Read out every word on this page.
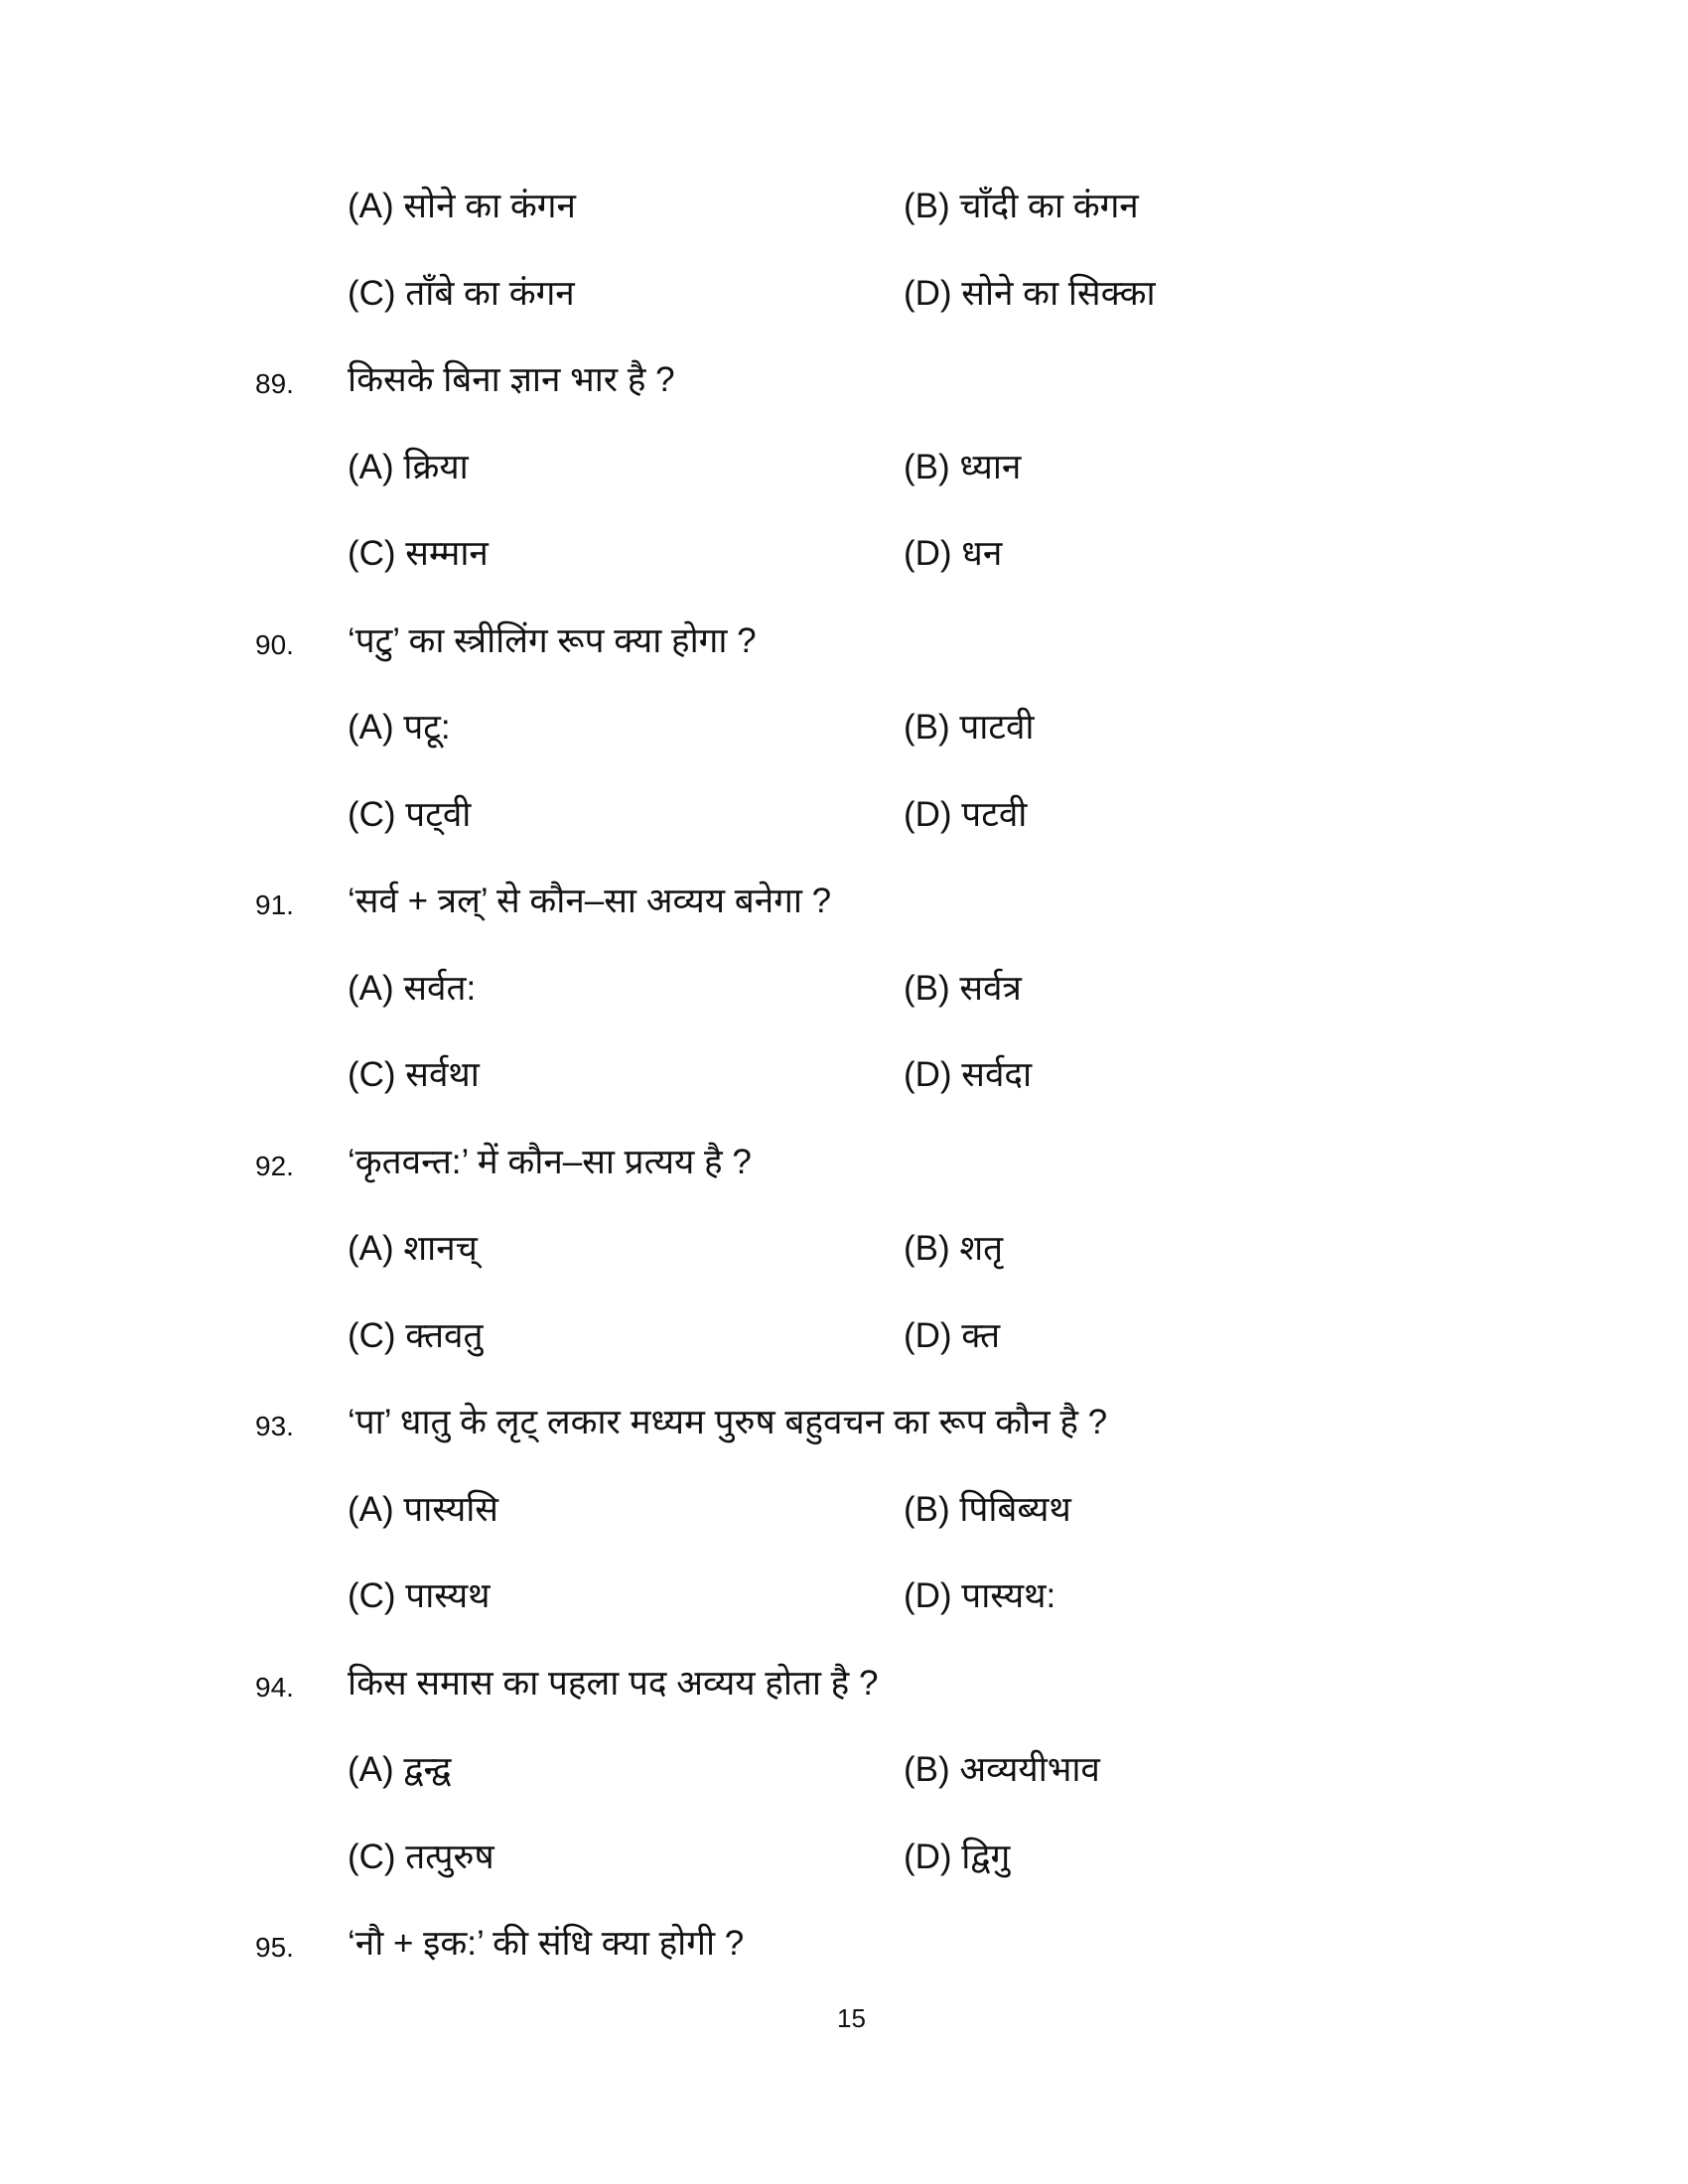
(A) सोने का कंगन	(B) चाँदी का कंगन
(C) ताँबे का कंगन	(D) सोने का सिक्का
89. किसके बिना ज्ञान भार है ?
(A) क्रिया	(B) ध्यान
(C) सम्मान	(D) धन
90. ‘पटु’ का स्त्रीलिंग रूप क्या होगा ?
(A) पटू:	(B) पाटवी
(C) पट्वी	(D) पटवी
91. ‘सर्व + त्रल्’ से कौन–सा अव्यय बनेगा ?
(A) सर्वत:	(B) सर्वत्र
(C) सर्वथा	(D) सर्वदा
92. ‘कृतवन्त:’ में कौन–सा प्रत्यय है ?
(A) शानच्	(B) शतृ
(C) क्तवतु	(D) क्त
93. ‘पा’ धातु के लृट् लकार मध्यम पुरुष बहुवचन का रूप कौन है ?
(A) पास्यसि	(B) पिबिब्यथ
(C) पास्यथ	(D) पास्यथ:
94. किस समास का पहला पद अव्यय होता है ?
(A) द्वन्द्व	(B) अव्ययीभाव
(C) तत्पुरुष	(D) द्विगु
95. ‘नौ + इक:’ की संधि क्या होगी ?
15
